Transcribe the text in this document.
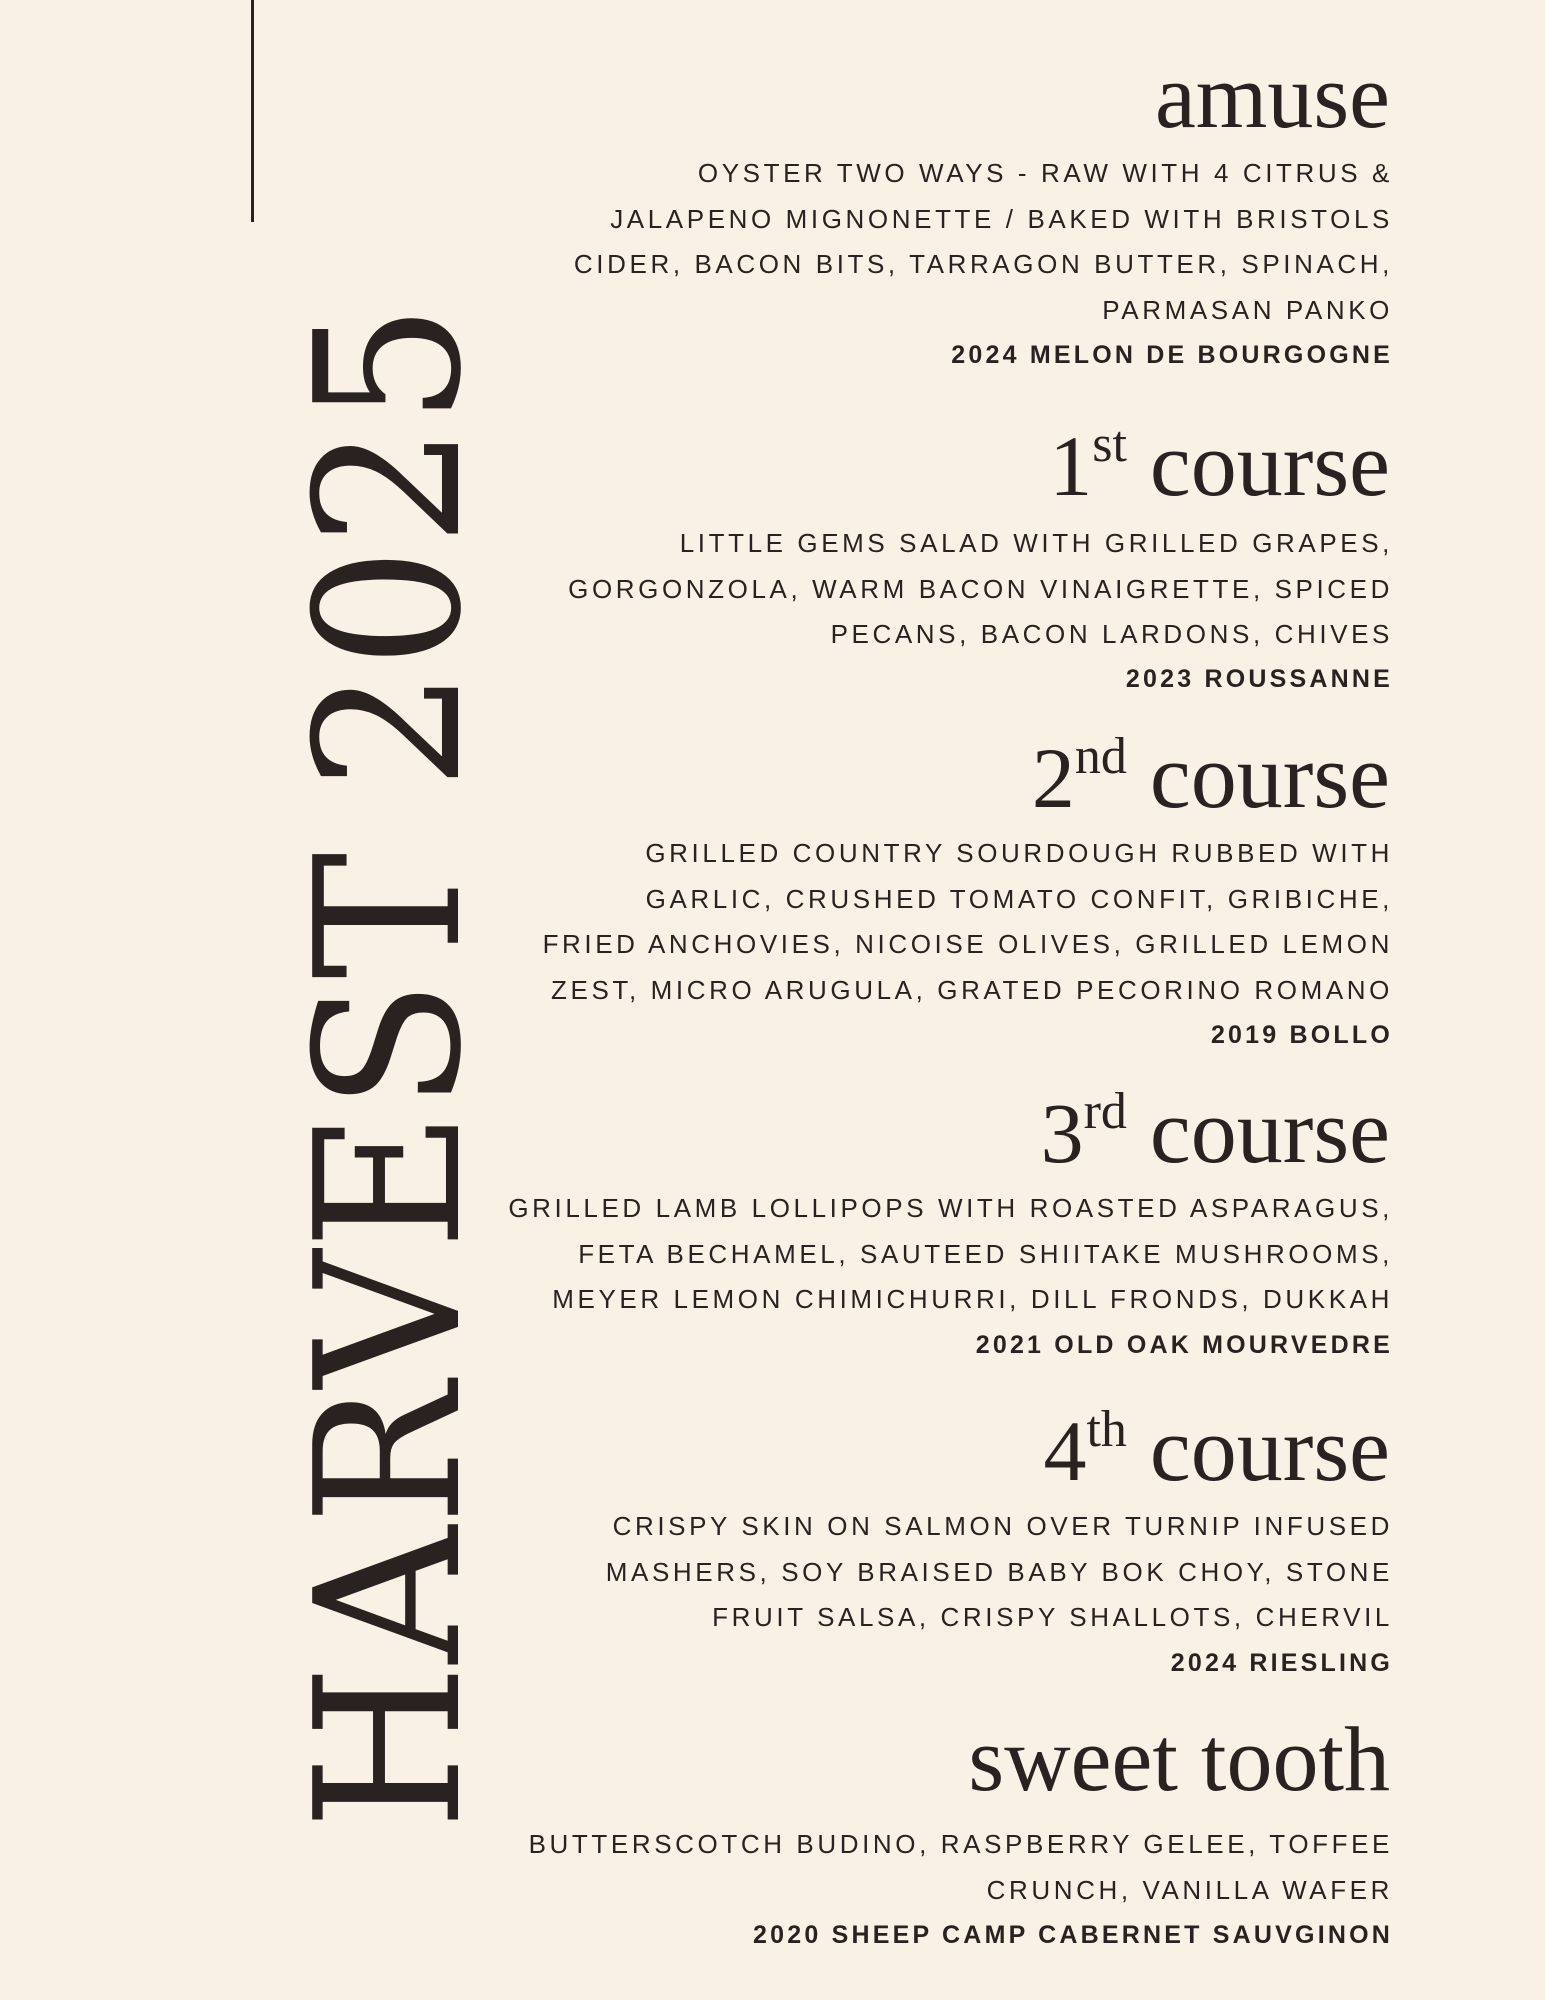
HARVEST 2025
amuse
OYSTER TWO WAYS - RAW WITH 4 CITRUS &
JALAPENO MIGNONETTE / BAKED WITH BRISTOLS
CIDER, BACON BITS, TARRAGON BUTTER, SPINACH,
PARMASAN PANKO
2024 MELON DE BOURGOGNE
1st course
LITTLE GEMS SALAD WITH GRILLED GRAPES,
GORGONZOLA, WARM BACON VINAIGRETTE, SPICED
PECANS, BACON LARDONS, CHIVES
2023 ROUSSANNE
2nd course
GRILLED COUNTRY SOURDOUGH RUBBED WITH
GARLIC, CRUSHED TOMATO CONFIT, GRIBICHE,
FRIED ANCHOVIES, NICOISE OLIVES, GRILLED LEMON
ZEST, MICRO ARUGULA, GRATED PECORINO ROMANO
2019 BOLLO
3rd course
GRILLED LAMB LOLLIPOPS WITH ROASTED ASPARAGUS,
FETA BECHAMEL, SAUTEED SHIITAKE MUSHROOMS,
MEYER LEMON CHIMICHURRI, DILL FRONDS, DUKKAH
2021 OLD OAK MOURVEDRE
4th course
CRISPY SKIN ON SALMON OVER TURNIP INFUSED
MASHERS, SOY BRAISED BABY BOK CHOY, STONE
FRUIT SALSA, CRISPY SHALLOTS, CHERVIL
2024 RIESLING
sweet tooth
BUTTERSCOTCH BUDINO, RASPBERRY GELEE, TOFFEE
CRUNCH, VANILLA WAFER
2020 SHEEP CAMP CABERNET SAUVGINON
